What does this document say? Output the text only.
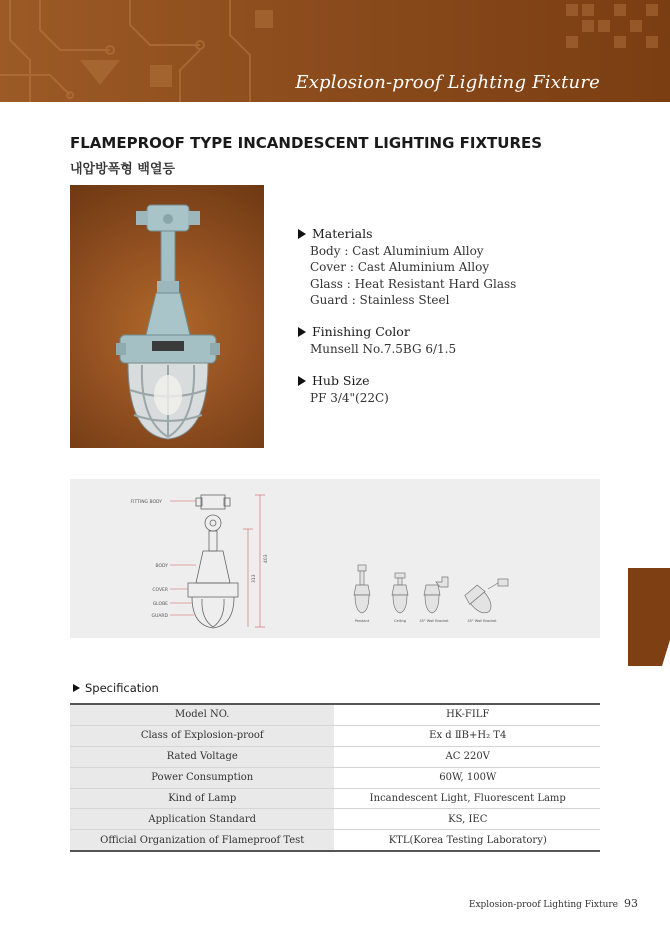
Explosion-proof Lighting Fixture
FLAMEPROOF TYPE INCANDESCENT LIGHTING FIXTURES
내압방폭형 백열등
Materials
Body : Cast Aluminium Alloy
Cover : Cast Aluminium Alloy
Glass : Heat Resistant Hard Glass
Guard : Stainless Steel
Finishing Color
Munsell No.7.5BG 6/1.5
Hub Size
PF 3/4"(22C)
FITTING BODY
BODY
COVER
GLOBE
GUARD
403
313
Pendant	Ceiling	45° Wall Bracket	45° Wall Bracket
Specification
Model NO.	HK-FILF
Class of Explosion-proof	Ex d ⅡB+H₂ T4
Rated Voltage	AC 220V
Power Consumption	60W, 100W
Kind of Lamp	Incandescent Light, Fluorescent Lamp
Application Standard	KS, IEC
Official Organization of Flameproof Test	KTL(Korea Testing Laboratory)
Explosion-proof Lighting Fixture 93
